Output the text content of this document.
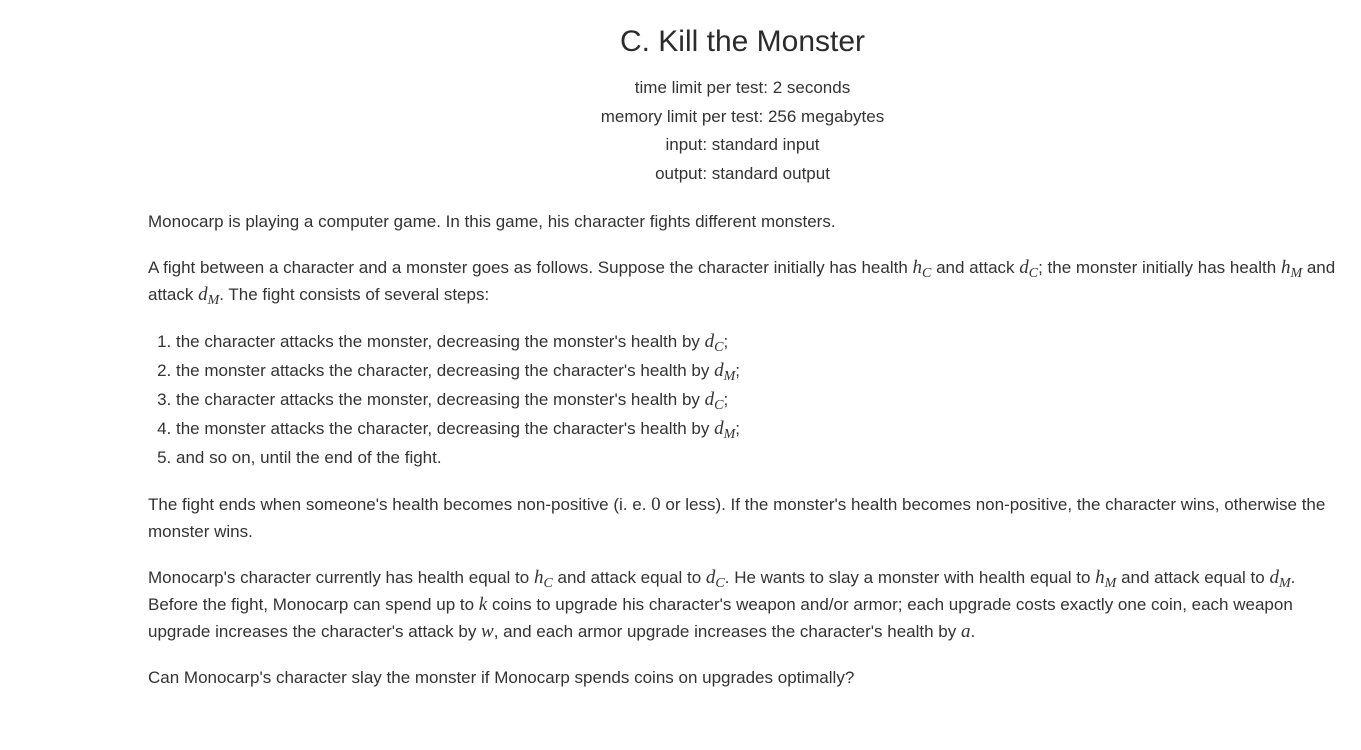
C. Kill the Monster
time limit per test: 2 seconds
memory limit per test: 256 megabytes
input: standard input
output: standard output

Monocarp is playing a computer game. In this game, his character fights different monsters.

A fight between a character and a monster goes as follows. Suppose the character initially has health $h_C$ and attack $d_C$; the monster initially has health $h_M$ and attack $d_M$. The fight consists of several steps:

1. the character attacks the monster, decreasing the monster's health by $d_C$;
2. the monster attacks the character, decreasing the character's health by $d_M$;
3. the character attacks the monster, decreasing the monster's health by $d_C$;
4. the monster attacks the character, decreasing the character's health by $d_M$;
5. and so on, until the end of the fight.

The fight ends when someone's health becomes non-positive (i. e. 0 or less). If the monster's health becomes non-positive, the character wins, otherwise the monster wins.

Monocarp's character currently has health equal to $h_C$ and attack equal to $d_C$. He wants to slay a monster with health equal to $h_M$ and attack equal to $d_M$. Before the fight, Monocarp can spend up to k coins to upgrade his character's weapon and/or armor; each upgrade costs exactly one coin, each weapon upgrade increases the character's attack by w, and each armor upgrade increases the character's health by a.

Can Monocarp's character slay the monster if Monocarp spends coins on upgrades optimally?
